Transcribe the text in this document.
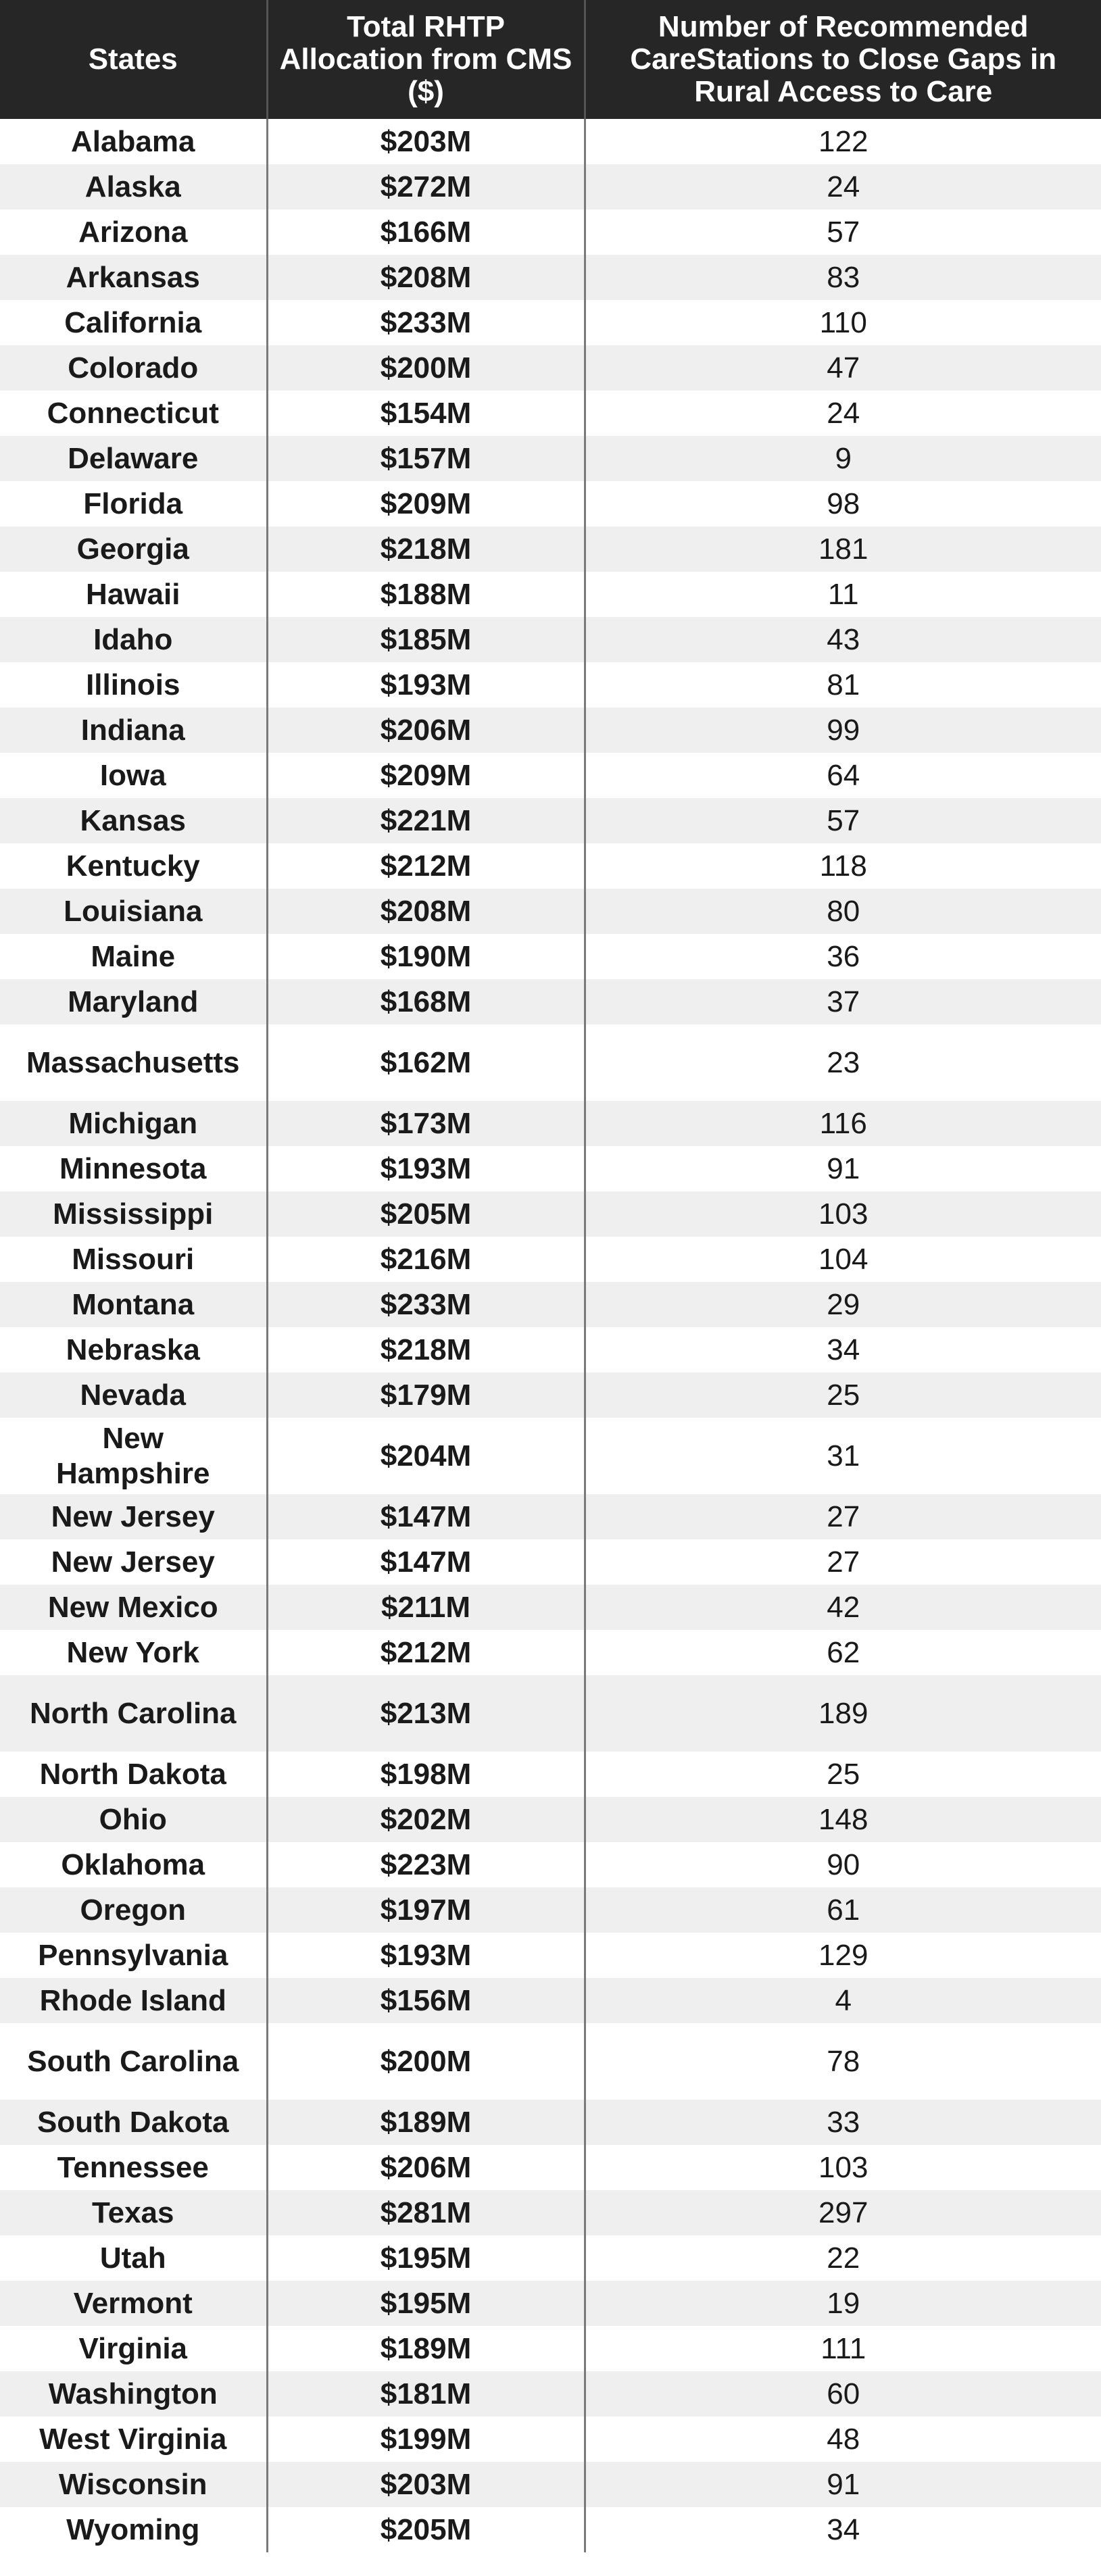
States	Total RHTP Allocation from CMS ($)	Number of Recommended CareStations to Close Gaps in Rural Access to Care
Alabama	$203M	122
Alaska	$272M	24
Arizona	$166M	57
Arkansas	$208M	83
California	$233M	110
Colorado	$200M	47
Connecticut	$154M	24
Delaware	$157M	9
Florida	$209M	98
Georgia	$218M	181
Hawaii	$188M	11
Idaho	$185M	43
Illinois	$193M	81
Indiana	$206M	99
Iowa	$209M	64
Kansas	$221M	57
Kentucky	$212M	118
Louisiana	$208M	80
Maine	$190M	36
Maryland	$168M	37
Massachusetts	$162M	23
Michigan	$173M	116
Minnesota	$193M	91
Mississippi	$205M	103
Missouri	$216M	104
Montana	$233M	29
Nebraska	$218M	34
Nevada	$179M	25
New Hampshire	$204M	31
New Jersey	$147M	27
New Jersey	$147M	27
New Mexico	$211M	42
New York	$212M	62
North Carolina	$213M	189
North Dakota	$198M	25
Ohio	$202M	148
Oklahoma	$223M	90
Oregon	$197M	61
Pennsylvania	$193M	129
Rhode Island	$156M	4
South Carolina	$200M	78
South Dakota	$189M	33
Tennessee	$206M	103
Texas	$281M	297
Utah	$195M	22
Vermont	$195M	19
Virginia	$189M	111
Washington	$181M	60
West Virginia	$199M	48
Wisconsin	$203M	91
Wyoming	$205M	34
